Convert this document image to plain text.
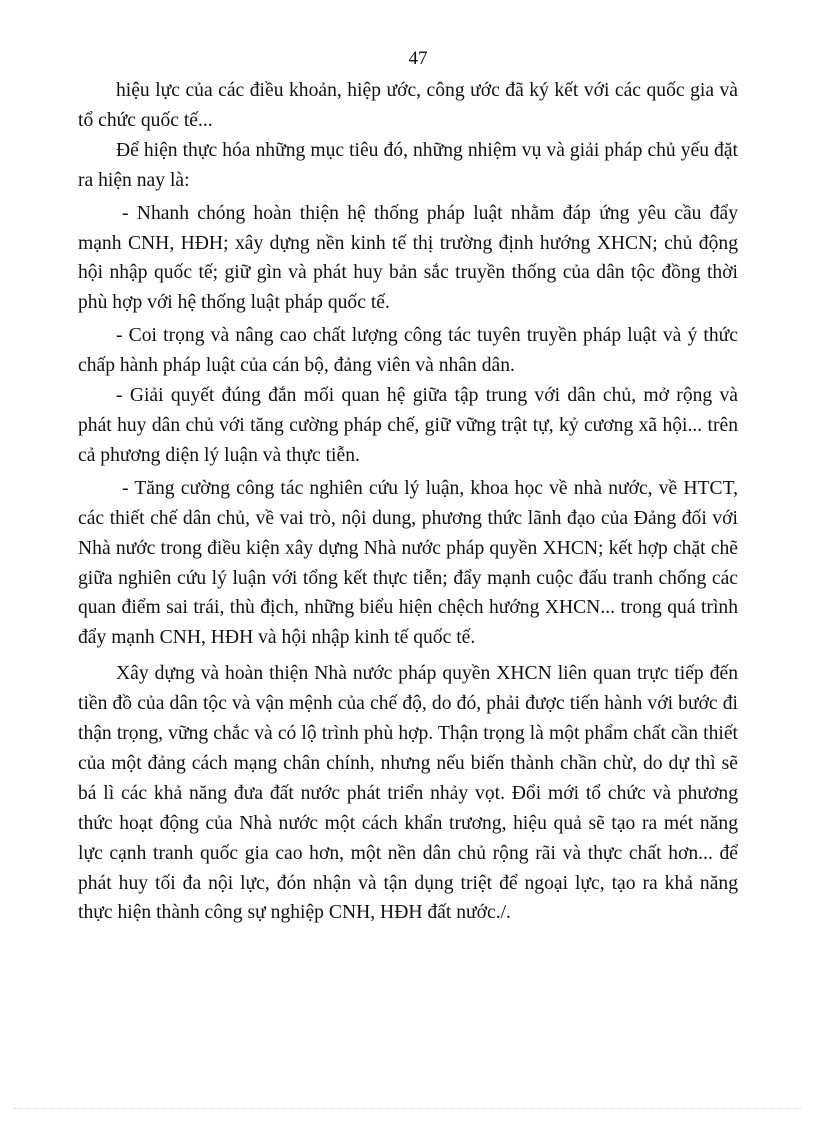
47

hiệu lực của các điều khoản, hiệp ước, công ước đã ký kết với các quốc gia và tổ chức quốc tế...

Để hiện thực hóa những mục tiêu đó, những nhiệm vụ và giải pháp chủ yếu đặt ra hiện nay là:

- Nhanh chóng hoàn thiện hệ thống pháp luật nhằm đáp ứng yêu cầu đẩy mạnh CNH, HĐH; xây dựng nền kinh tế thị trường định hướng XHCN; chủ động hội nhập quốc tế; giữ gìn và phát huy bản sắc truyền thống của dân tộc đồng thời phù hợp với hệ thống luật pháp quốc tế.

- Coi trọng và nâng cao chất lượng công tác tuyên truyền pháp luật và ý thức chấp hành pháp luật của cán bộ, đảng viên và nhân dân.

- Giải quyết đúng đắn mối quan hệ giữa tập trung với dân chủ, mở rộng và phát huy dân chủ với tăng cường pháp chế, giữ vững trật tự, kỷ cương xã hội... trên cả phương diện lý luận và thực tiễn.

- Tăng cường công tác nghiên cứu lý luận, khoa học về nhà nước, về HTCT, các thiết chế dân chủ, về vai trò, nội dung, phương thức lãnh đạo của Đảng đối với Nhà nước trong điều kiện xây dựng Nhà nước pháp quyền XHCN; kết hợp chặt chẽ giữa nghiên cứu lý luận với tổng kết thực tiễn; đẩy mạnh cuộc đấu tranh chống các quan điểm sai trái, thù địch, những biểu hiện chệch hướng XHCN... trong quá trình đẩy mạnh CNH, HĐH và hội nhập kinh tế quốc tế.

Xây dựng và hoàn thiện Nhà nước pháp quyền XHCN liên quan trực tiếp đến tiền đồ của dân tộc và vận mệnh của chế độ, do đó, phải được tiến hành với bước đi thận trọng, vững chắc và có lộ trình phù hợp. Thận trọng là một phẩm chất cần thiết của một đảng cách mạng chân chính, nhưng nếu biến thành chần chừ, do dự thì sẽ bá lì các khả năng đưa đất nước phát triển nhảy vọt. Đổi mới tổ chức và phương thức hoạt động của Nhà nước một cách khẩn trương, hiệu quả sẽ tạo ra mét năng lực cạnh tranh quốc gia cao hơn, một nền dân chủ rộng rãi và thực chất hơn... để phát huy tối đa nội lực, đón nhận và tận dụng triệt để ngoại lực, tạo ra khả năng thực hiện thành công sự nghiệp CNH, HĐH đất nước./.
